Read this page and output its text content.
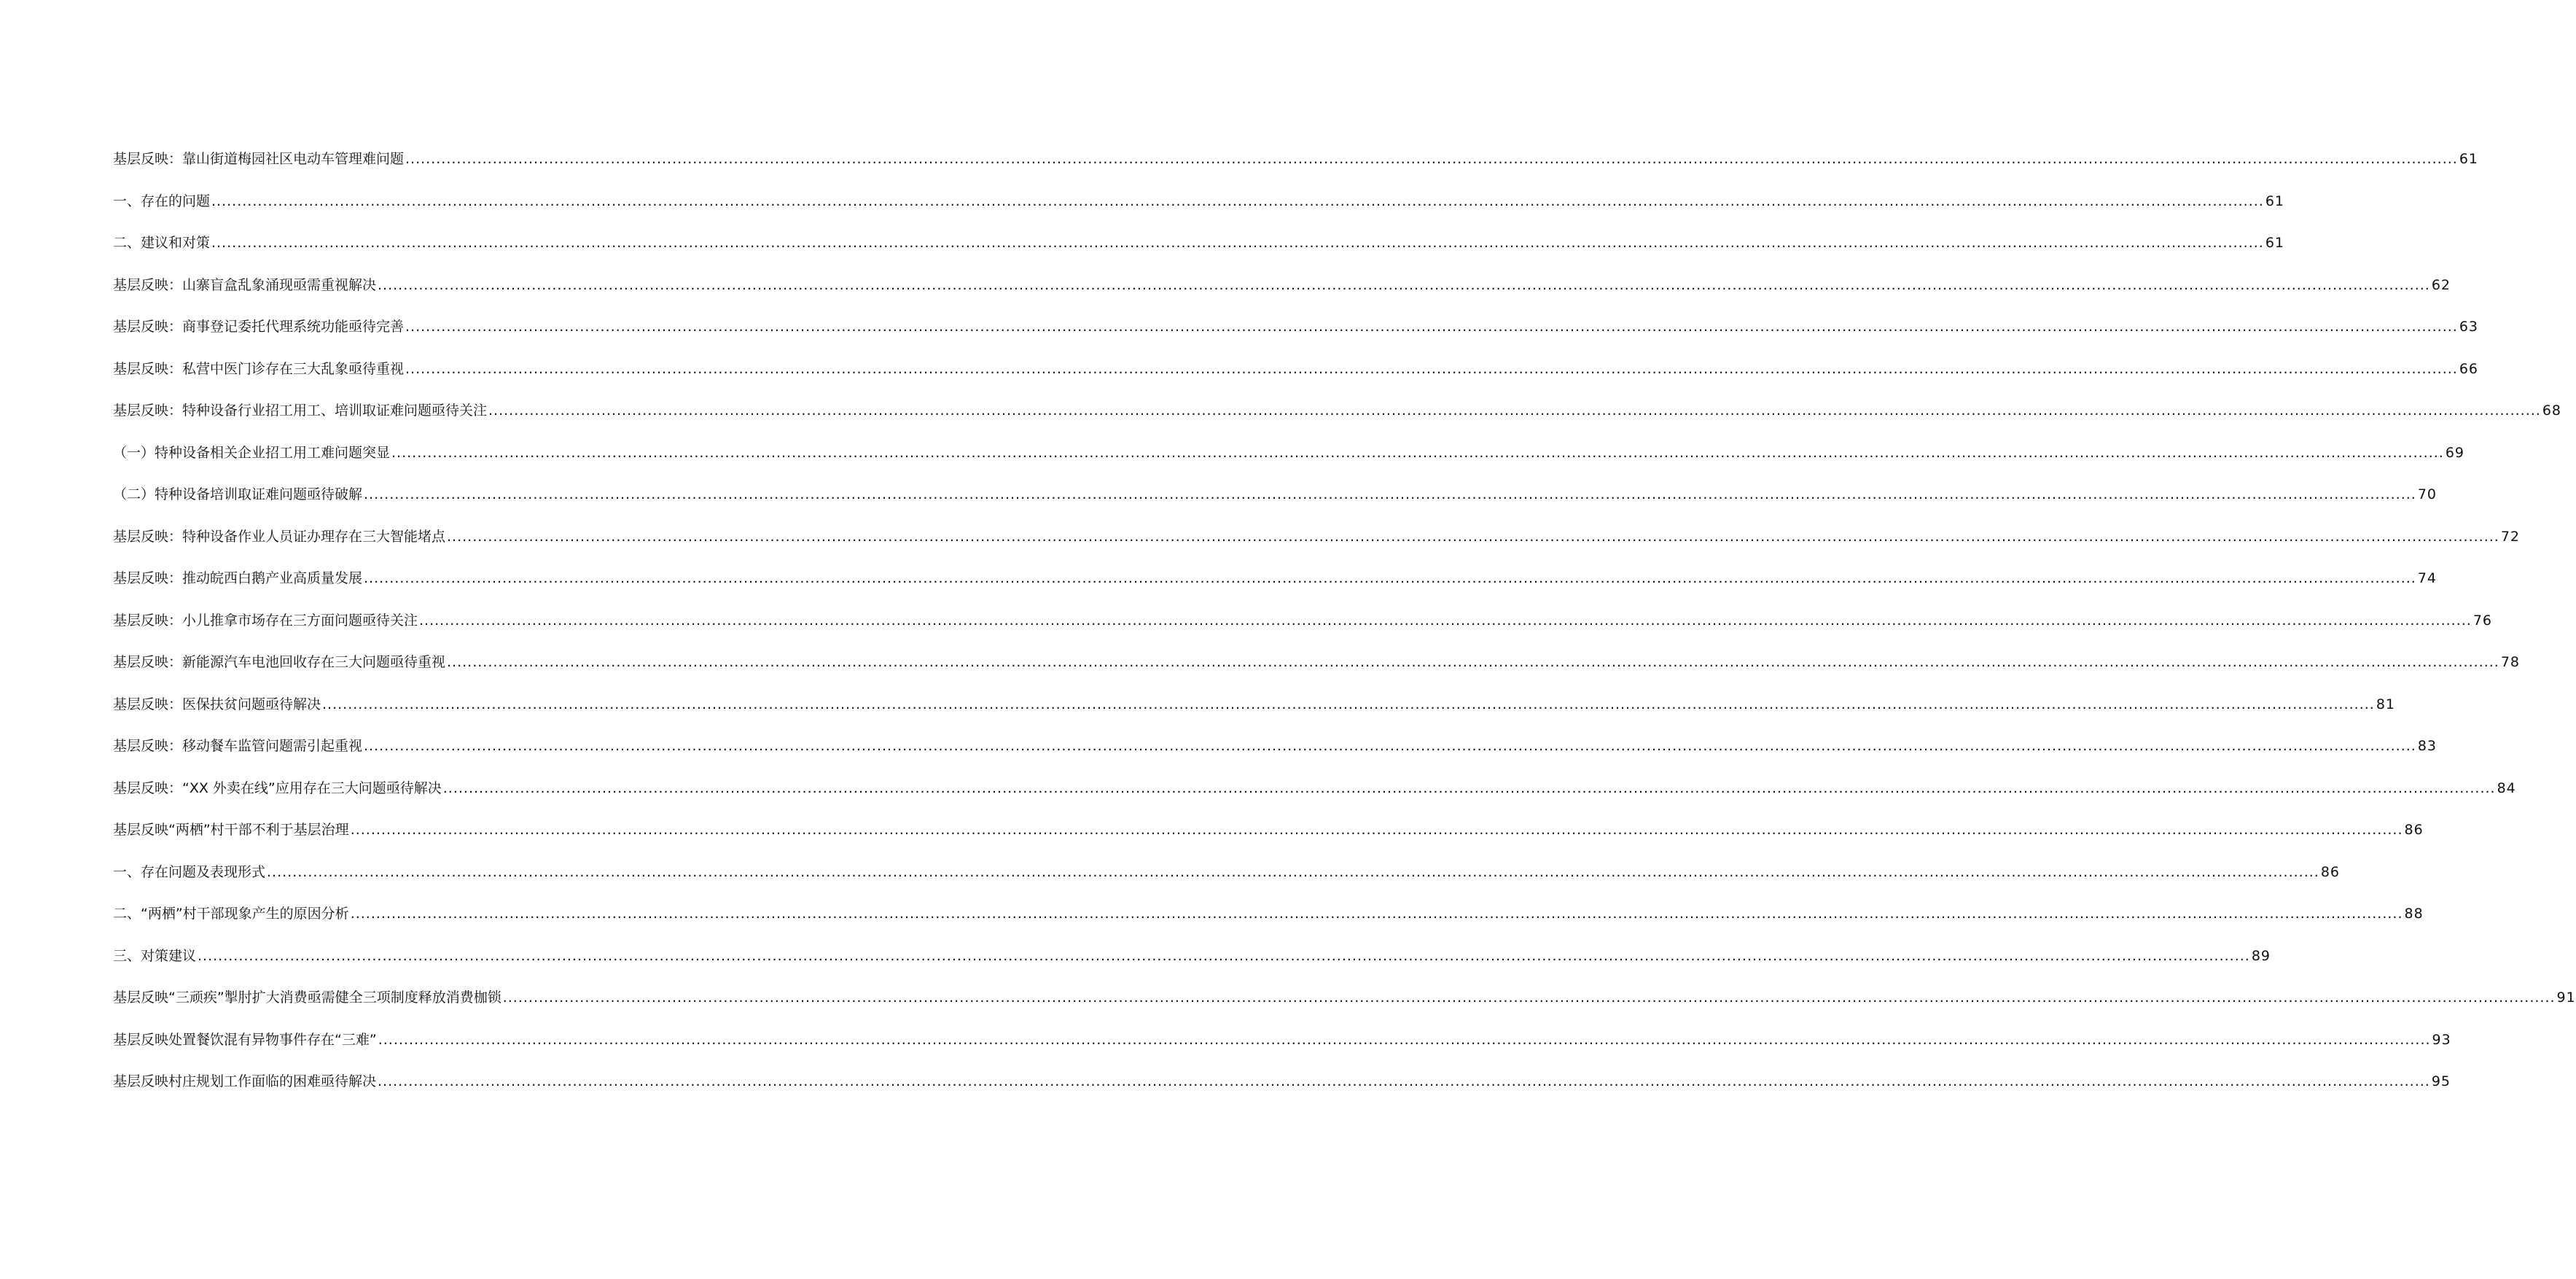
基层反映：靠山街道梅园社区电动车管理难问题 ................................................................................................................................................................................................................................................................................................................................................................................................................ 61
一、存在的问题 ................................................................................................................................................................................................................................................................................................................................................................................................................ 61
二、建议和对策 ................................................................................................................................................................................................................................................................................................................................................................................................................ 61
基层反映：山寨盲盒乱象涌现亟需重视解决 ................................................................................................................................................................................................................................................................................................................................................................................................................ 62
基层反映：商事登记委托代理系统功能亟待完善 ................................................................................................................................................................................................................................................................................................................................................................................................................ 63
基层反映：私营中医门诊存在三大乱象亟待重视 ................................................................................................................................................................................................................................................................................................................................................................................................................ 66
基层反映：特种设备行业招工用工、培训取证难问题亟待关注 ................................................................................................................................................................................................................................................................................................................................................................................................................ 68
（一）特种设备相关企业招工用工难问题突显 ................................................................................................................................................................................................................................................................................................................................................................................................................ 69
（二）特种设备培训取证难问题亟待破解 ................................................................................................................................................................................................................................................................................................................................................................................................................ 70
基层反映：特种设备作业人员证办理存在三大智能堵点 ................................................................................................................................................................................................................................................................................................................................................................................................................ 72
基层反映：推动皖西白鹅产业高质量发展 ................................................................................................................................................................................................................................................................................................................................................................................................................ 74
基层反映：小儿推拿市场存在三方面问题亟待关注 ................................................................................................................................................................................................................................................................................................................................................................................................................ 76
基层反映：新能源汽车电池回收存在三大问题亟待重视 ................................................................................................................................................................................................................................................................................................................................................................................................................ 78
基层反映：医保扶贫问题亟待解决 ................................................................................................................................................................................................................................................................................................................................................................................................................ 81
基层反映：移动餐车监管问题需引起重视 ................................................................................................................................................................................................................................................................................................................................................................................................................ 83
基层反映：“XX 外卖在线”应用存在三大问题亟待解决 ................................................................................................................................................................................................................................................................................................................................................................................................................ 84
基层反映“两栖”村干部不利于基层治理 ................................................................................................................................................................................................................................................................................................................................................................................................................ 86
一、存在问题及表现形式 ................................................................................................................................................................................................................................................................................................................................................................................................................ 86
二、“两栖”村干部现象产生的原因分析 ................................................................................................................................................................................................................................................................................................................................................................................................................ 88
三、对策建议 ................................................................................................................................................................................................................................................................................................................................................................................................................ 89
基层反映“三顽疾”掣肘扩大消费亟需健全三项制度释放消费枷锁 ................................................................................................................................................................................................................................................................................................................................................................................................................ 91
基层反映处置餐饮混有异物事件存在“三难” ................................................................................................................................................................................................................................................................................................................................................................................................................ 93
基层反映村庄规划工作面临的困难亟待解决 ................................................................................................................................................................................................................................................................................................................................................................................................................ 95
